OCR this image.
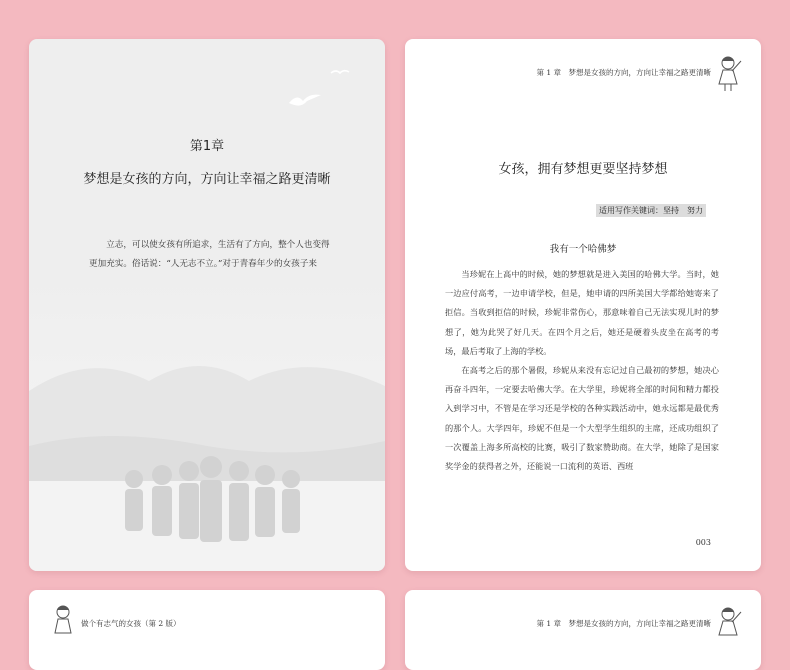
第1章
梦想是女孩的方向，方向让幸福之路更清晰

立志，可以使女孩有所追求，生活有了方向，整个人也变得更加充实。俗话说：“人无志不立。”对于青春年少的女孩子来

第 1 章　梦想是女孩的方向，方向让幸福之路更清晰
女孩，拥有梦想更要坚持梦想
适用写作关键词：坚持　努力
我有一个哈佛梦

当珍妮在上高中的时候，她的梦想就是进入美国的哈佛大学。当时，她一边应付高考，一边申请学校，但是，她申请的四所美国大学都给她寄来了拒信。当收到拒信的时候，珍妮非常伤心，那意味着自己无法实现儿时的梦想了，她为此哭了好几天。在四个月之后，她还是硬着头皮坐在高考的考场，最后考取了上海的学校。

在高考之后的那个暑假，珍妮从来没有忘记过自己最初的梦想，她决心再奋斗四年，一定要去哈佛大学。在大学里，珍妮将全部的时间和精力都投入到学习中，不管是在学习还是学校的各种实践活动中，她永远都是最优秀的那个人。大学四年，珍妮不但是一个大型学生组织的主席，还成功组织了一次覆盖上海多所高校的比赛，吸引了数家赞助商。在大学，她除了是国家奖学金的获得者之外，还能说一口流利的英语、西班

003
做个有志气的女孩（第 2 版）	第 1 章　梦想是女孩的方向，方向让幸福之路更清晰
